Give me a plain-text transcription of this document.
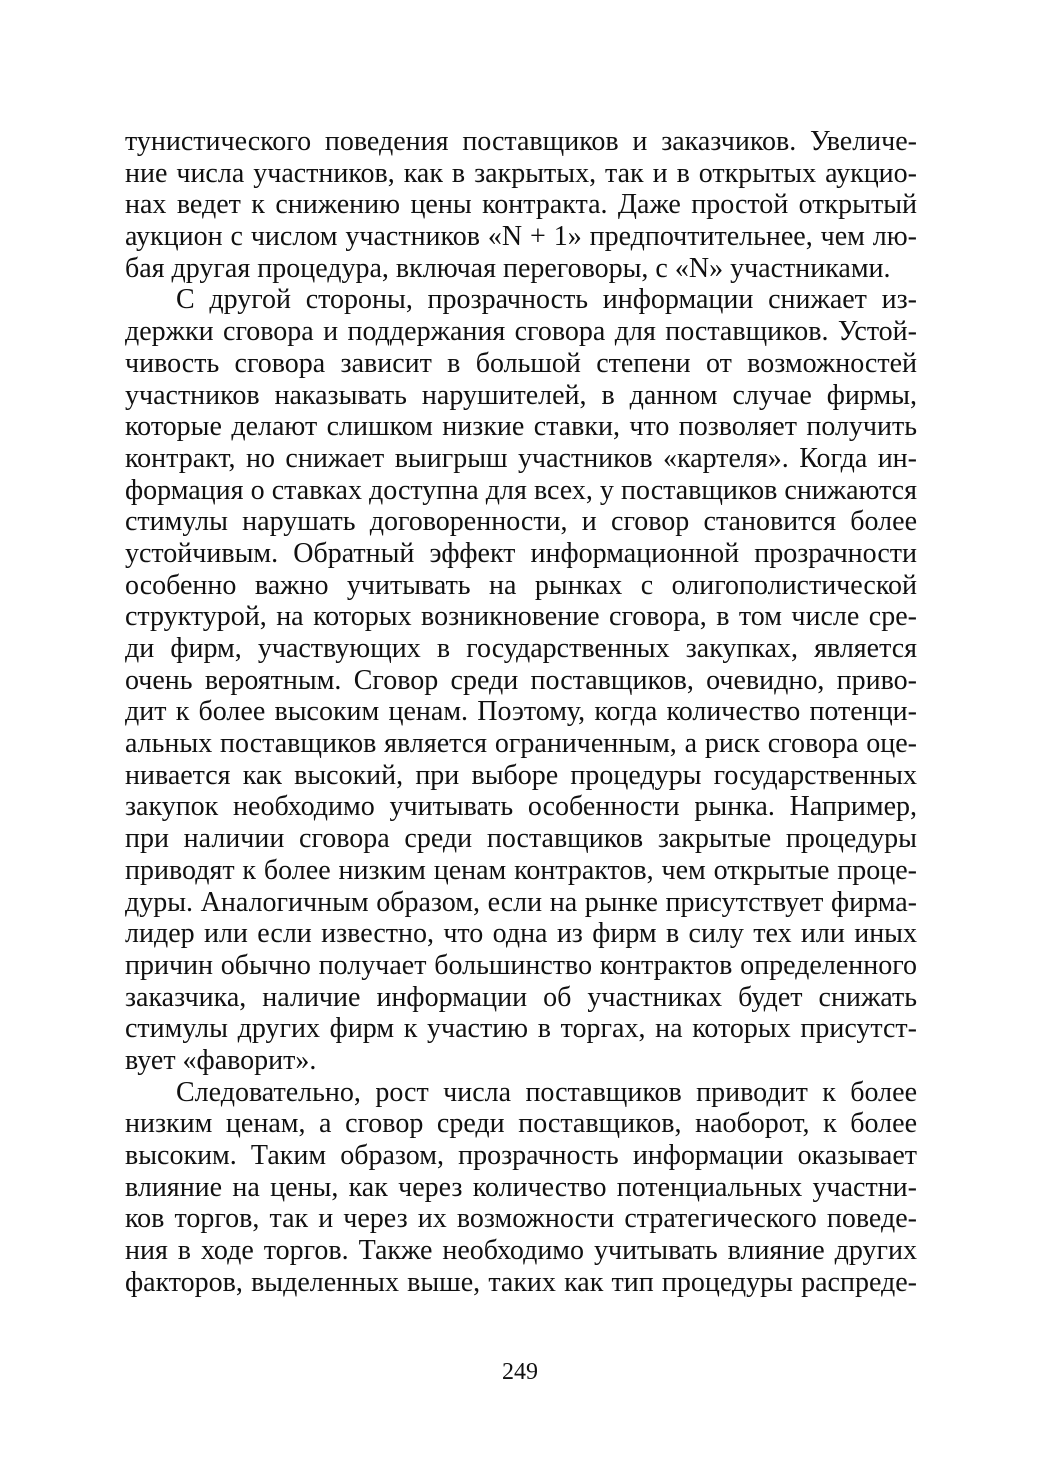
тунистического поведения поставщиков и заказчиков. Увеличе-
ние числа участников, как в закрытых, так и в открытых аукцио-
нах ведет к снижению цены контракта. Даже простой открытый
аукцион с числом участников «N + 1» предпочтительнее, чем лю-
бая другая процедура, включая переговоры, с «N» участниками.
С другой стороны, прозрачность информации снижает из-
держки сговора и поддержания сговора для поставщиков. Устой-
чивость сговора зависит в большой степени от возможностей
участников наказывать нарушителей, в данном случае фирмы,
которые делают слишком низкие ставки, что позволяет получить
контракт, но снижает выигрыш участников «картеля». Когда ин-
формация о ставках доступна для всех, у поставщиков снижаются
стимулы нарушать договоренности, и сговор становится более
устойчивым. Обратный эффект информационной прозрачности
особенно важно учитывать на рынках с олигополистической
структурой, на которых возникновение сговора, в том числе сре-
ди фирм, участвующих в государственных закупках, является
очень вероятным. Сговор среди поставщиков, очевидно, приво-
дит к более высоким ценам. Поэтому, когда количество потенци-
альных поставщиков является ограниченным, а риск сговора оце-
нивается как высокий, при выборе процедуры государственных
закупок необходимо учитывать особенности рынка. Например,
при наличии сговора среди поставщиков закрытые процедуры
приводят к более низким ценам контрактов, чем открытые проце-
дуры. Аналогичным образом, если на рынке присутствует фирма-
лидер или если известно, что одна из фирм в силу тех или иных
причин обычно получает большинство контрактов определенного
заказчика, наличие информации об участниках будет снижать
стимулы других фирм к участию в торгах, на которых присутст-
вует «фаворит».
Следовательно, рост числа поставщиков приводит к более
низким ценам, а сговор среди поставщиков, наоборот, к более
высоким. Таким образом, прозрачность информации оказывает
влияние на цены, как через количество потенциальных участни-
ков торгов, так и через их возможности стратегического поведе-
ния в ходе торгов. Также необходимо учитывать влияние других
факторов, выделенных выше, таких как тип процедуры распреде-
249
